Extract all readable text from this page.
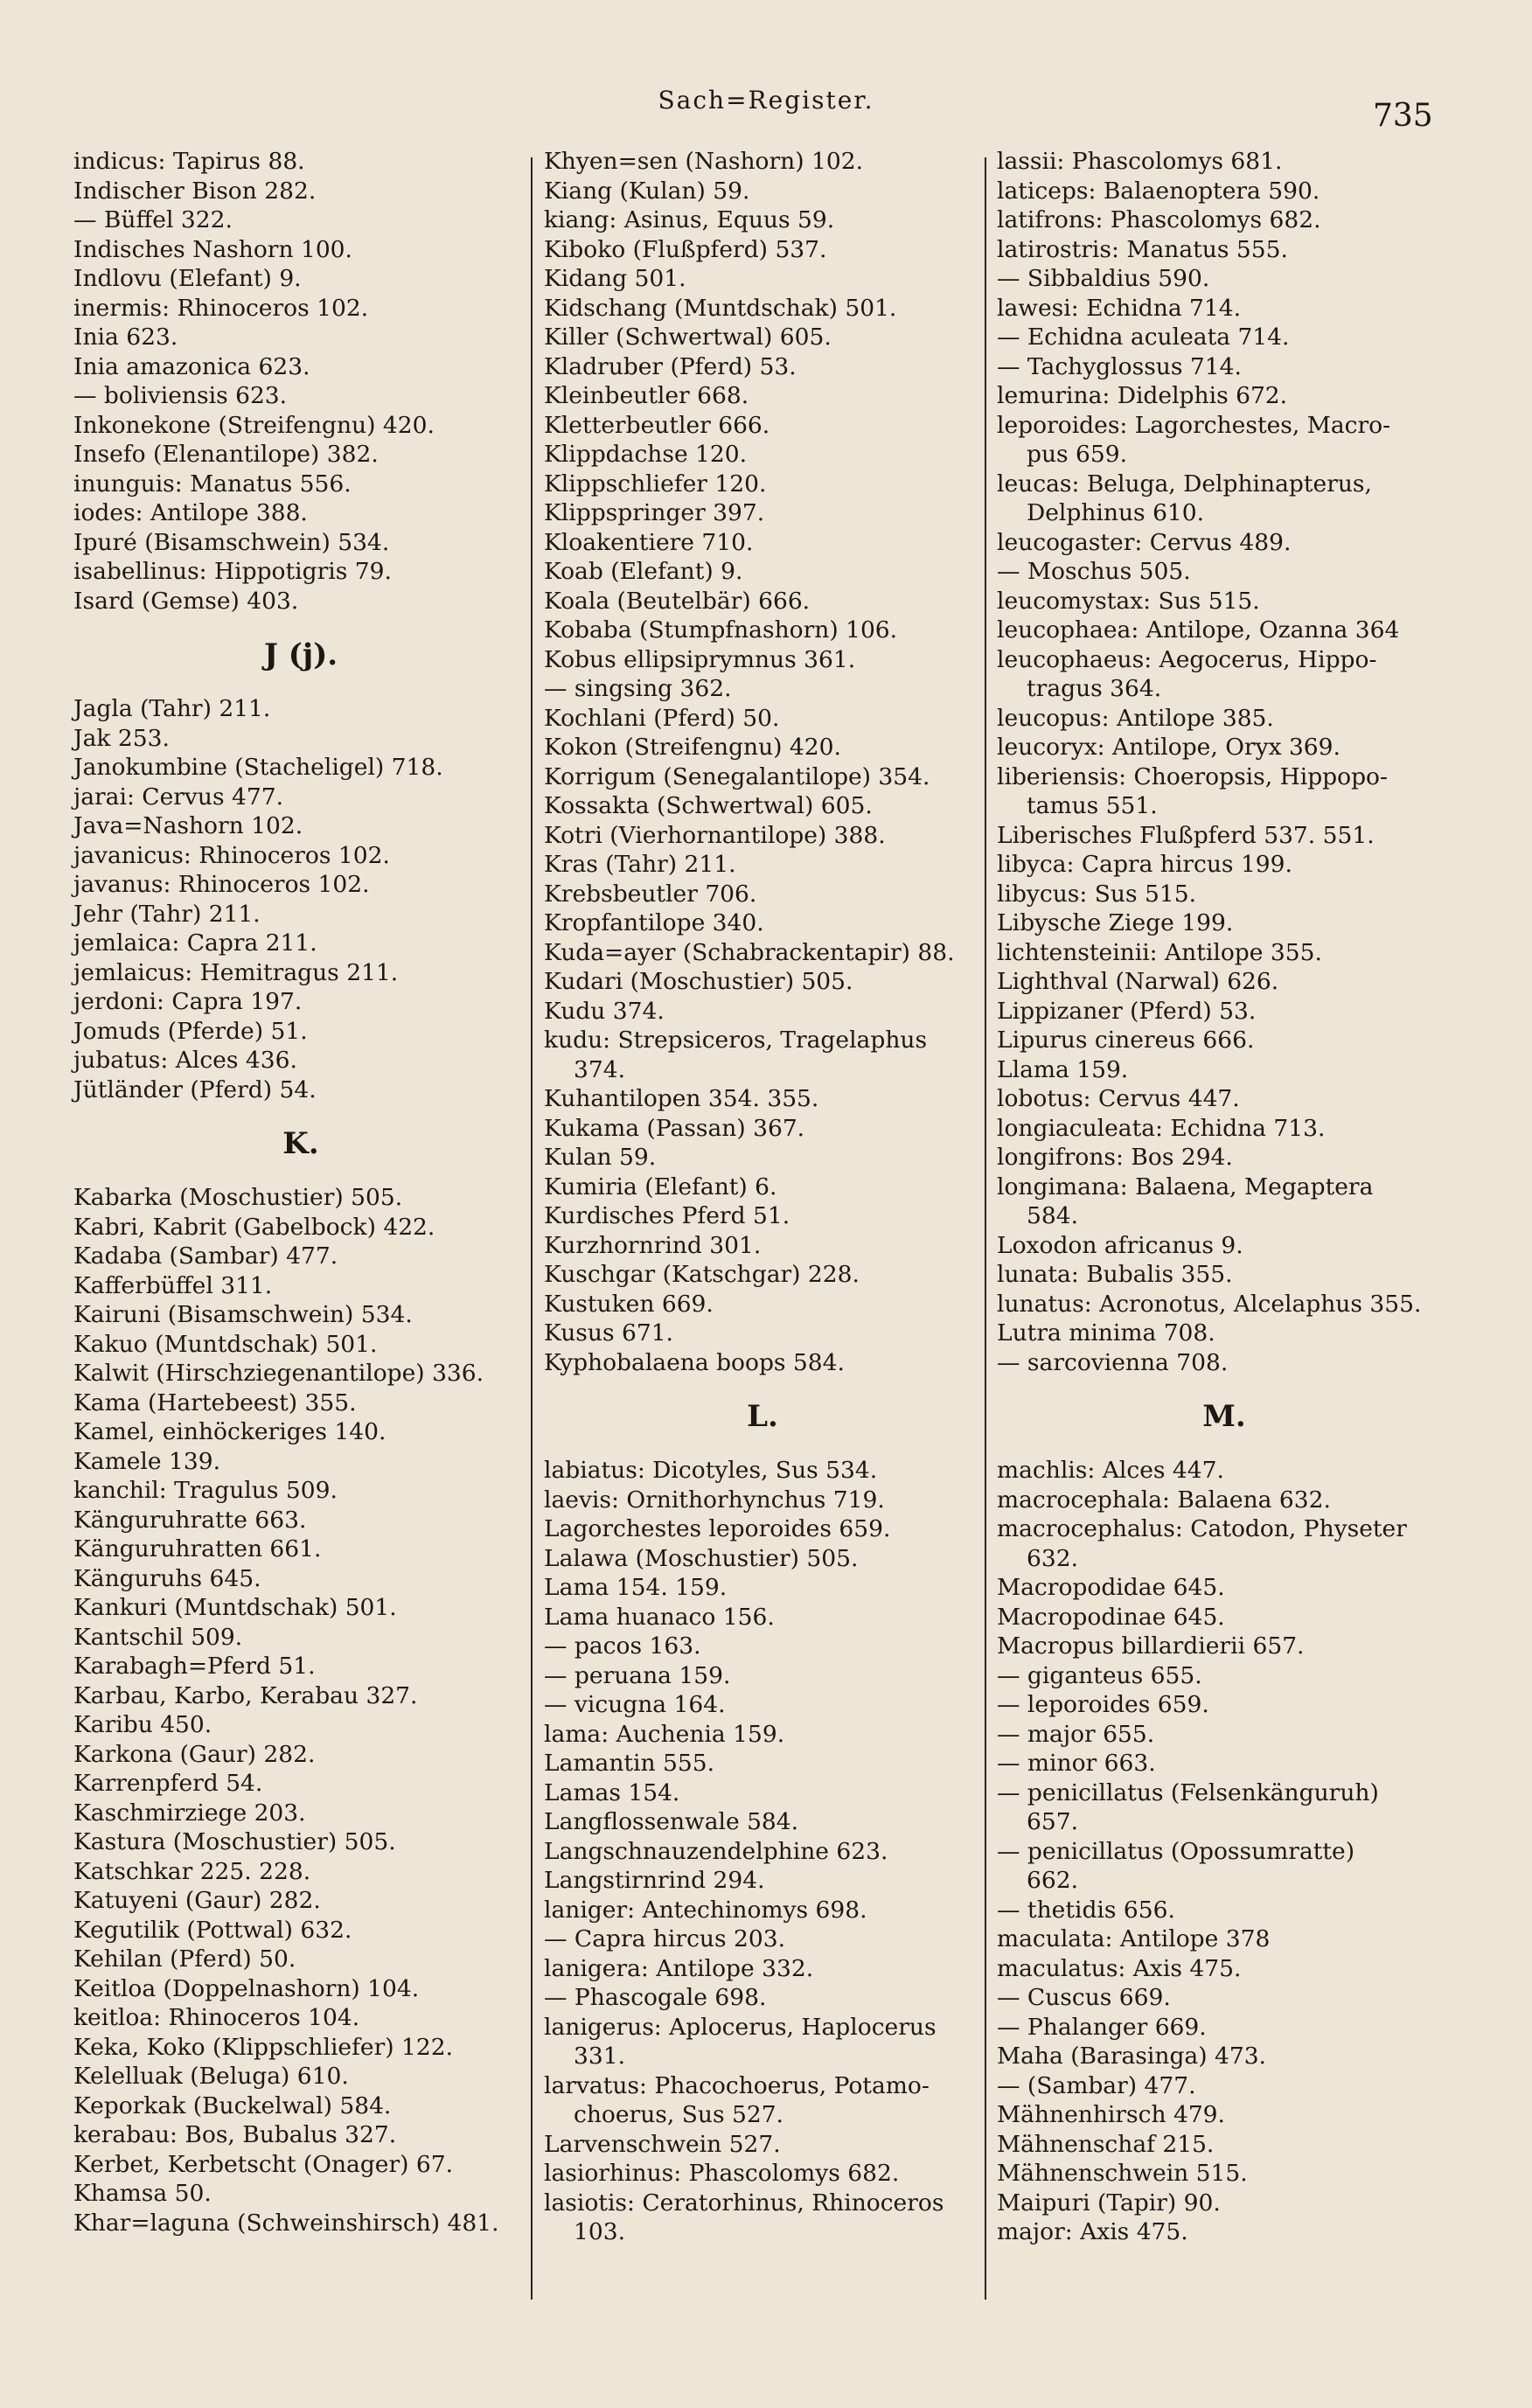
Sach=Register.	735
indicus: Tapirus 88.
Indischer Bison 282.
— Büffel 322.
Indisches Nashorn 100.
Indlovu (Elefant) 9.
inermis: Rhinoceros 102.
Inia 623.
Inia amazonica 623.
— boliviensis 623.
Inkonekone (Streifengnu) 420.
Insefo (Elenantilope) 382.
inunguis: Manatus 556.
iodes: Antilope 388.
Ipuré (Bisamschwein) 534.
isabellinus: Hippotigris 79.
Isard (Gemse) 403.
J (j).
Jagla (Tahr) 211.
Jak 253.
Janokumbine (Stacheligel) 718.
jarai: Cervus 477.
Java=Nashorn 102.
javanicus: Rhinoceros 102.
javanus: Rhinoceros 102.
Jehr (Tahr) 211.
jemlaica: Capra 211.
jemlaicus: Hemitragus 211.
jerdoni: Capra 197.
Jomuds (Pferde) 51.
jubatus: Alces 436.
Jütländer (Pferd) 54.
K.
Kabarka (Moschustier) 505.
Kabri, Kabrit (Gabelbock) 422.
Kadaba (Sambar) 477.
Kafferbüffel 311.
Kairuni (Bisamschwein) 534.
Kakuo (Muntdschak) 501.
Kalwit (Hirschziegenantilope) 336.
Kama (Hartebeest) 355.
Kamel, einhöckeriges 140.
Kamele 139.
kanchil: Tragulus 509.
Känguruhratte 663.
Känguruhratten 661.
Känguruhs 645.
Kankuri (Muntdschak) 501.
Kantschil 509.
Karabagh=Pferd 51.
Karbau, Karbo, Kerabau 327.
Karibu 450.
Karkona (Gaur) 282.
Karrenpferd 54.
Kaschmirziege 203.
Kastura (Moschustier) 505.
Katschkar 225. 228.
Katuyeni (Gaur) 282.
Kegutilik (Pottwal) 632.
Kehilan (Pferd) 50.
Keitloa (Doppelnashorn) 104.
keitloa: Rhinoceros 104.
Keka, Koko (Klippschliefer) 122.
Kelelluak (Beluga) 610.
Keporkak (Buckelwal) 584.
kerabau: Bos, Bubalus 327.
Kerbet, Kerbetscht (Onager) 67.
Khamsa 50.
Khar=laguna (Schweinshirsch) 481.
Khyen=sen (Nashorn) 102.
Kiang (Kulan) 59.
kiang: Asinus, Equus 59.
Kiboko (Flußpferd) 537.
Kidang 501.
Kidschang (Muntdschak) 501.
Killer (Schwertwal) 605.
Kladruber (Pferd) 53.
Kleinbeutler 668.
Kletterbeutler 666.
Klippdachse 120.
Klippschliefer 120.
Klippspringer 397.
Kloakentiere 710.
Koab (Elefant) 9.
Koala (Beutelbär) 666.
Kobaba (Stumpfnashorn) 106.
Kobus ellipsiprymnus 361.
— singsing 362.
Kochlani (Pferd) 50.
Kokon (Streifengnu) 420.
Korrigum (Senegalantilope) 354.
Kossakta (Schwertwal) 605.
Kotri (Vierhornantilope) 388.
Kras (Tahr) 211.
Krebsbeutler 706.
Kropfantilope 340.
Kuda=ayer (Schabrackentapir) 88.
Kudari (Moschustier) 505.
Kudu 374.
kudu: Strepsiceros, Tragelaphus
374.
Kuhantilopen 354. 355.
Kukama (Passan) 367.
Kulan 59.
Kumiria (Elefant) 6.
Kurdisches Pferd 51.
Kurzhornrind 301.
Kuschgar (Katschgar) 228.
Kustuken 669.
Kusus 671.
Kyphobalaena boops 584.
L.
labiatus: Dicotyles, Sus 534.
laevis: Ornithorhynchus 719.
Lagorchestes leporoides 659.
Lalawa (Moschustier) 505.
Lama 154. 159.
Lama huanaco 156.
— pacos 163.
— peruana 159.
— vicugna 164.
lama: Auchenia 159.
Lamantin 555.
Lamas 154.
Langflossenwale 584.
Langschnauzendelphine 623.
Langstirnrind 294.
laniger: Antechinomys 698.
— Capra hircus 203.
lanigera: Antilope 332.
— Phascogale 698.
lanigerus: Aplocerus, Haplocerus
331.
larvatus: Phacochoerus, Potamo-
choerus, Sus 527.
Larvenschwein 527.
lasiorhinus: Phascolomys 682.
lasiotis: Ceratorhinus, Rhinoceros
103.
lassii: Phascolomys 681.
laticeps: Balaenoptera 590.
latifrons: Phascolomys 682.
latirostris: Manatus 555.
— Sibbaldius 590.
lawesi: Echidna 714.
— Echidna aculeata 714.
— Tachyglossus 714.
lemurina: Didelphis 672.
leporoides: Lagorchestes, Macro-
pus 659.
leucas: Beluga, Delphinapterus,
Delphinus 610.
leucogaster: Cervus 489.
— Moschus 505.
leucomystax: Sus 515.
leucophaea: Antilope, Ozanna 364
leucophaeus: Aegocerus, Hippo-
tragus 364.
leucopus: Antilope 385.
leucoryx: Antilope, Oryx 369.
liberiensis: Choeropsis, Hippopo-
tamus 551.
Liberisches Flußpferd 537. 551.
libyca: Capra hircus 199.
libycus: Sus 515.
Libysche Ziege 199.
lichtensteinii: Antilope 355.
Lighthval (Narwal) 626.
Lippizaner (Pferd) 53.
Lipurus cinereus 666.
Llama 159.
lobotus: Cervus 447.
longiaculeata: Echidna 713.
longifrons: Bos 294.
longimana: Balaena, Megaptera
584.
Loxodon africanus 9.
lunata: Bubalis 355.
lunatus: Acronotus, Alcelaphus 355.
Lutra minima 708.
— sarcovienna 708.
M.
machlis: Alces 447.
macrocephala: Balaena 632.
macrocephalus: Catodon, Physeter
632.
Macropodidae 645.
Macropodinae 645.
Macropus billardierii 657.
— giganteus 655.
— leporoides 659.
— major 655.
— minor 663.
— penicillatus (Felsenkänguruh)
657.
— penicillatus (Opossumratte)
662.
— thetidis 656.
maculata: Antilope 378
maculatus: Axis 475.
— Cuscus 669.
— Phalanger 669.
Maha (Barasinga) 473.
— (Sambar) 477.
Mähnenhirsch 479.
Mähnenschaf 215.
Mähnenschwein 515.
Maipuri (Tapir) 90.
major: Axis 475.
